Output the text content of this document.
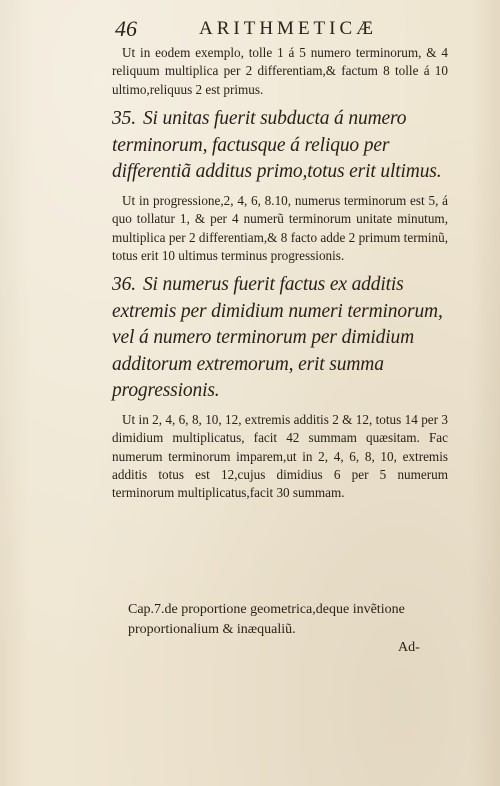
46	ARITHMETICÆ

Ut in eodem exemplo, tolle 1 á 5 numero terminorum, & 4 reliquum multiplica per 2 differentiam,& factum 8 tolle á 10 ultimo,reliquus 2 est primus.

35. Si unitas fuerit subducta á numero terminorum, factusque á reliquo per differentiã additus primo,totus erit ultimus.

Ut in progressione,2, 4, 6, 8.10, numerus terminorum est 5, á quo tollatur 1, & per 4 numerũ terminorum unitate minutum, multiplica per 2 differentiam,& 8 facto adde 2 primum terminũ, totus erit 10 ultimus terminus progressionis.

36. Si numerus fuerit factus ex additis extremis per dimidium numeri terminorum, vel á numero terminorum per dimidium additorum extremorum, erit summa progressionis.

Ut in 2, 4, 6, 8, 10, 12, extremis additis 2 & 12, totus 14 per 3 dimidium multiplicatus, facit 42 summam quæsitam. Fac numerum terminorum imparem,ut in 2, 4, 6, 8, 10, extremis additis totus est 12,cujus dimidius 6 per 5 numerum terminorum multiplicatus,facit 30 summam.

Cap.7.de proportione geometrica,deque invẽtione proportionalium & inæqualiũ.
Ad-
